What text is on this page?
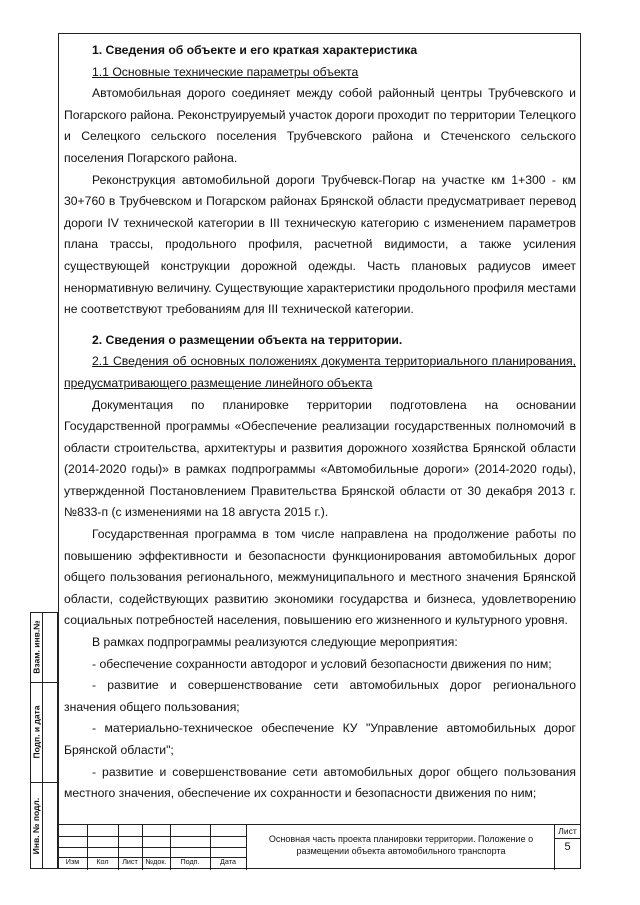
1. Сведения об объекте и его краткая характеристика

1.1 Основные технические параметры объекта

Автомобильная дорого соединяет между собой районный центры Трубчевского и Погарского района. Реконструируемый участок дороги проходит по территории Телецкого и Селецкого сельского поселения Трубчевского района и Стеченского сельского поселения Погарского района.

Реконструкция автомобильной дороги Трубчевск-Погар на участке км 1+300 - км 30+760 в Трубчевском и Погарском районах Брянской области предусматривает перевод дороги IV технической категории в III техническую категорию с изменением параметров плана трассы, продольного профиля, расчетной видимости, а также усиления существующей конструкции дорожной одежды. Часть плановых радиусов имеет ненормативную величину. Существующие характеристики продольного профиля местами не соответствуют требованиям для III технической категории.

2. Сведения о размещении объекта на территории.

2.1 Сведения об основных положениях документа территориального планирования, предусматривающего размещение линейного объекта

Документация по планировке территории подготовлена на основании Государственной программы «Обеспечение реализации государственных полномочий в области строительства, архитектуры и развития дорожного хозяйства Брянской области (2014-2020 годы)» в рамках подпрограммы «Автомобильные дороги» (2014-2020 годы), утвержденной Постановлением Правительства Брянской области от 30 декабря 2013 г. №833-п (с изменениями на 18 августа 2015 г.).

Государственная программа в том числе направлена на продолжение работы по повышению эффективности и безопасности функционирования автомобильных дорог общего пользования регионального, межмуниципального и местного значения Брянской области, содействующих развитию экономики государства и бизнеса, удовлетворению социальных потребностей населения, повышению его жизненного и культурного уровня.

В рамках подпрограммы реализуются следующие мероприятия:

- обеспечение сохранности автодорог и условий безопасности движения по ним;

- развитие и совершенствование сети автомобильных дорог регионального значения общего пользования;

- материально-техническое обеспечение КУ "Управление автомобильных дорог Брянской области";

- развитие и совершенствование сети автомобильных дорог общего пользования местного значения, обеспечение их сохранности и безопасности движения по ним;

Взам. инв.№
Подп. и дата
Инв. № подл.
Изм	Кол	Лист	№док.	Подп.	Дата
Основная часть проекта планировки территории. Положение о размещении объекта автомобильного транспорта
Лист
5
